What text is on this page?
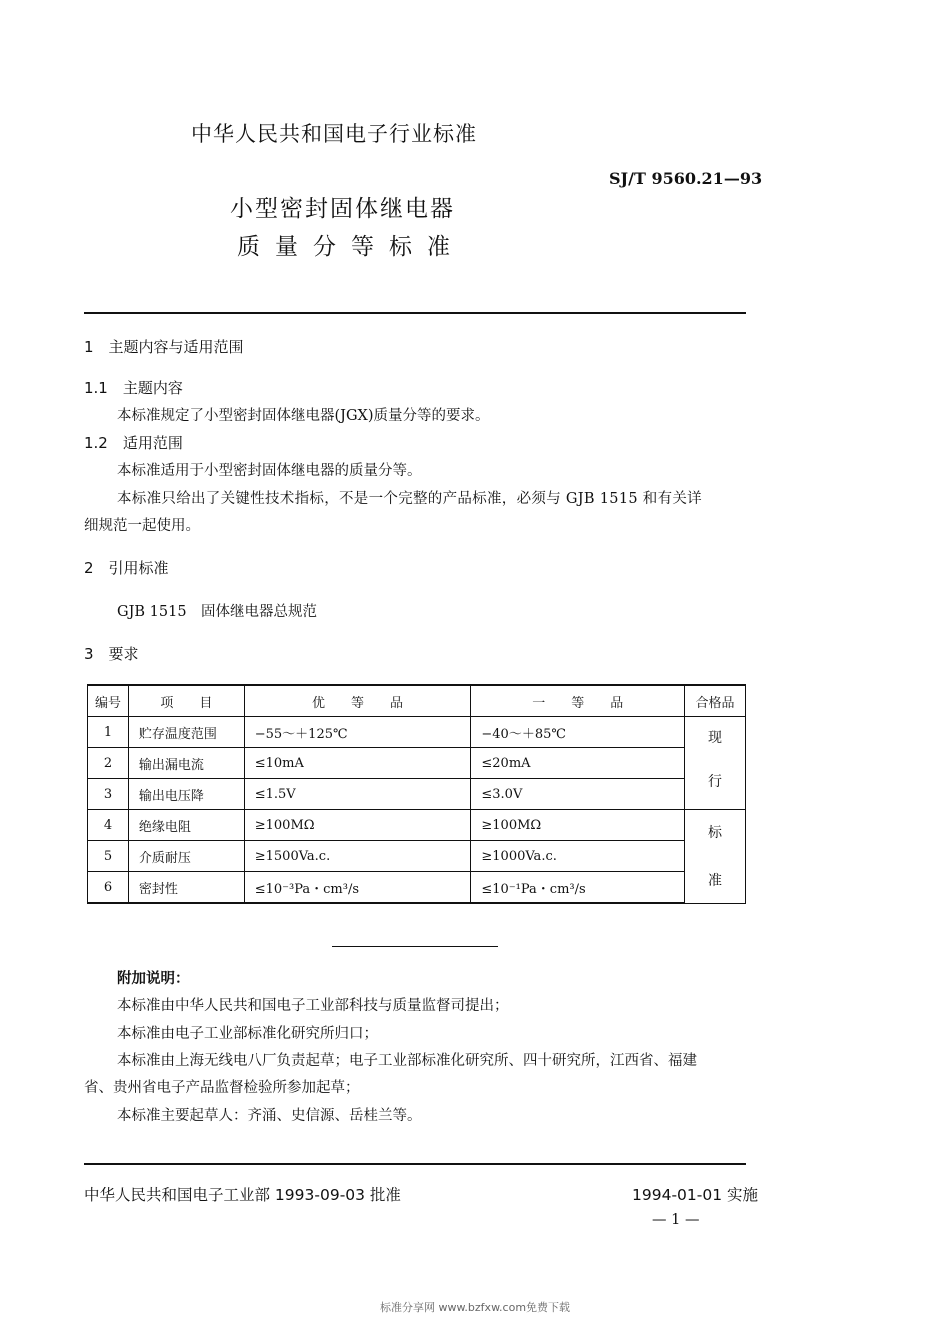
中华人民共和国电子行业标准
SJ/T 9560.21—93
小型密封固体继电器
质量分等标准
1　主题内容与适用范围
1.1　主题内容
本标准规定了小型密封固体继电器(JGX)质量分等的要求。
1.2　适用范围
本标准适用于小型密封固体继电器的质量分等。
本标准只给出了关键性技术指标，不是一个完整的产品标准，必须与 GJB 1515 和有关详
细规范一起使用。
2　引用标准
GJB 1515　固体继电器总规范
3　要求
编号	项　　目	优　　等　　品	一　　等　　品	合格品
1	贮存温度范围	−55～＋125℃	−40～＋85℃	现
行

2	输出漏电流	≤10mA	≤20mA	
3	输出电压降	≤1.5V	≤3.0V	
4	绝缘电阻	≥100MΩ	≥100MΩ	标
准

5	介质耐压	≥1500Va.c.	≥1000Va.c.	
6	密封性	≤10⁻³Pa・cm³/s	≤10⁻¹Pa・cm³/s	
附加说明：
本标准由中华人民共和国电子工业部科技与质量监督司提出；
本标准由电子工业部标准化研究所归口；
本标准由上海无线电八厂负责起草；电子工业部标准化研究所、四十研究所，江西省、福建
省、贵州省电子产品监督检验所参加起草；
本标准主要起草人：齐涌、史信源、岳桂兰等。
中华人民共和国电子工业部 1993-09-03 批准	1994-01-01 实施
— 1 —
标准分享网 www.bzfxw.com免费下载
